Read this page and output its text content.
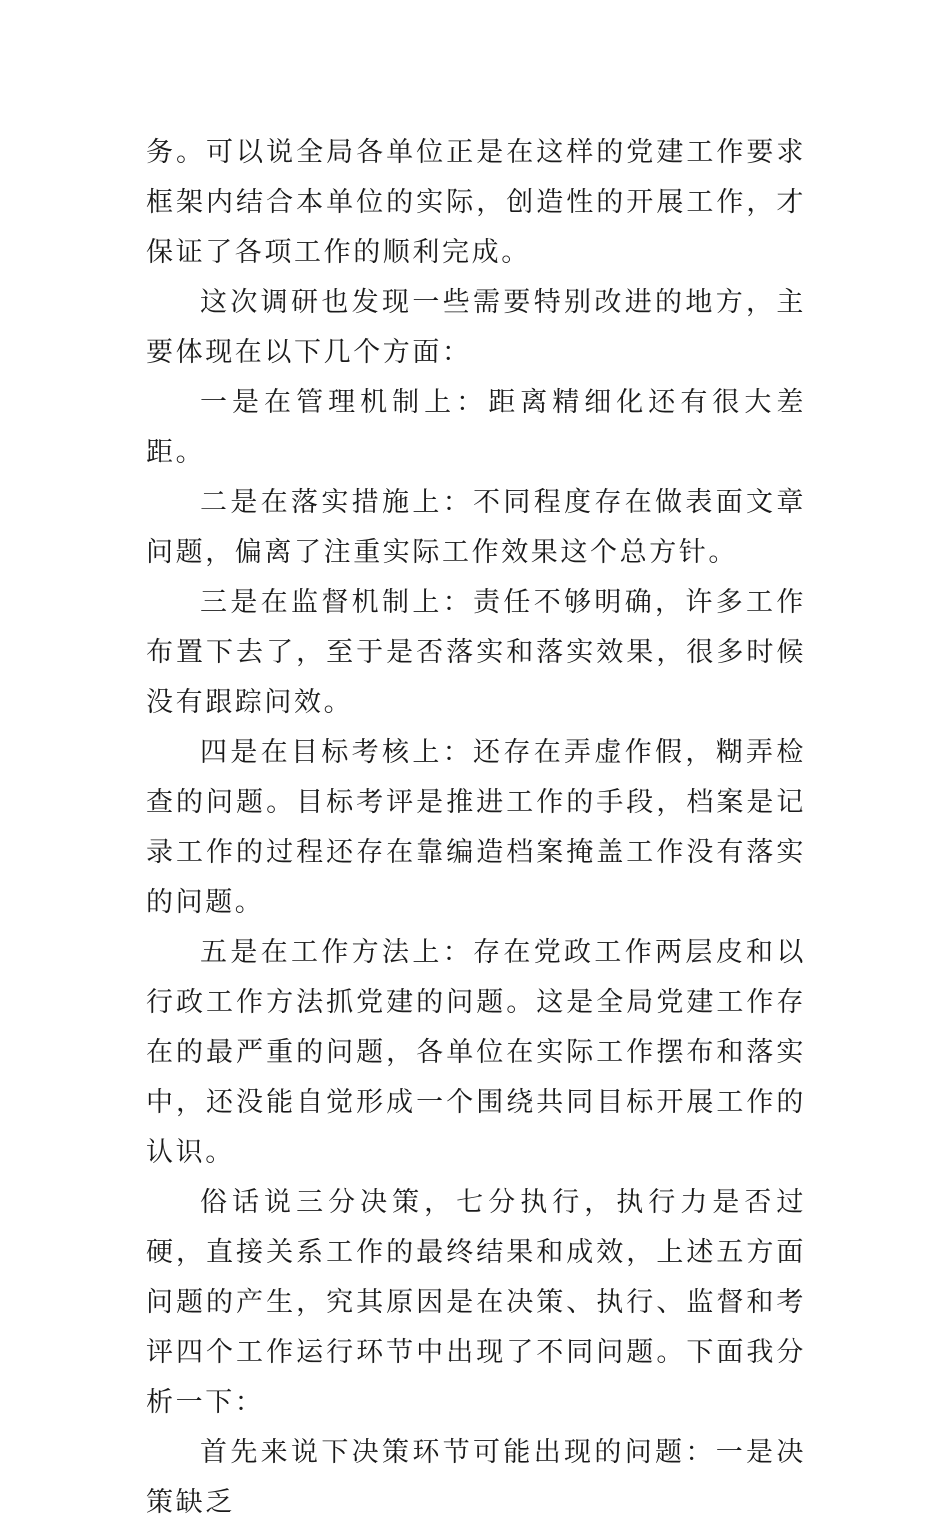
务。可以说全局各单位正是在这样的党建工作要求框架内结合本单位的实际，创造性的开展工作，才保证了各项工作的顺利完成。

这次调研也发现一些需要特别改进的地方，主要体现在以下几个方面：

一是在管理机制上：距离精细化还有很大差距。

二是在落实措施上：不同程度存在做表面文章问题，偏离了注重实际工作效果这个总方针。

三是在监督机制上：责任不够明确，许多工作布置下去了，至于是否落实和落实效果，很多时候没有跟踪问效。

四是在目标考核上：还存在弄虚作假，糊弄检查的问题。目标考评是推进工作的手段，档案是记录工作的过程还存在靠编造档案掩盖工作没有落实的问题。

五是在工作方法上：存在党政工作两层皮和以行政工作方法抓党建的问题。这是全局党建工作存在的最严重的问题，各单位在实际工作摆布和落实中，还没能自觉形成一个围绕共同目标开展工作的认识。

俗话说三分决策，七分执行，执行力是否过硬，直接关系工作的最终结果和成效，上述五方面问题的产生，究其原因是在决策、执行、监督和考评四个工作运行环节中出现了不同问题。下面我分析一下：

首先来说下决策环节可能出现的问题：一是决策缺乏
